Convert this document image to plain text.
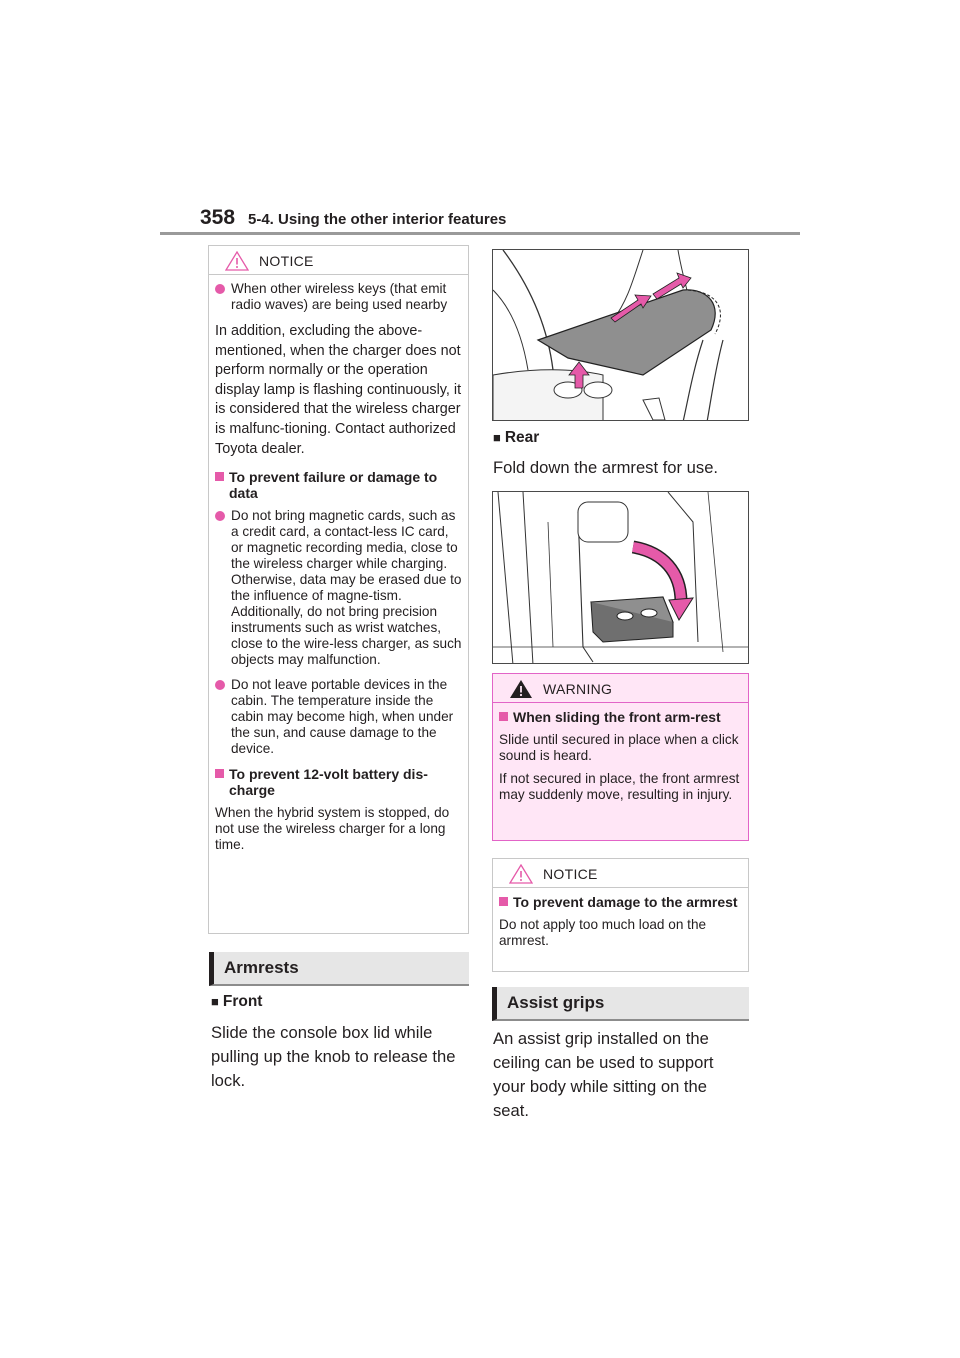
358 5-4. Using the other interior features
NOTICE
When other wireless keys (that emit radio waves) are being used nearby
In addition, excluding the above-mentioned, when the charger does not perform normally or the operation display lamp is flashing continuously, it is considered that the wireless charger is malfunc-tioning. Contact authorized Toyota dealer.
To prevent failure or damage to data
Do not bring magnetic cards, such as a credit card, a contact-less IC card, or magnetic recording media, close to the wireless charger while charging. Otherwise, data may be erased due to the influence of magne-tism. Additionally, do not bring precision instruments such as wrist watches, close to the wire-less charger, as such objects may malfunction.
Do not leave portable devices in the cabin. The temperature inside the cabin may become high, when under the sun, and cause damage to the device.
To prevent 12-volt battery dis-charge
When the hybrid system is stopped, do not use the wireless charger for a long time.
Armrests
■ Front
Slide the console box lid while pulling up the knob to release the lock.
■ Rear
Fold down the armrest for use.
WARNING
When sliding the front arm-rest
Slide until secured in place when a click sound is heard.
If not secured in place, the front armrest may suddenly move, resulting in injury.
NOTICE
To prevent damage to the armrest
Do not apply too much load on the armrest.
Assist grips
An assist grip installed on the ceiling can be used to support your body while sitting on the seat.
